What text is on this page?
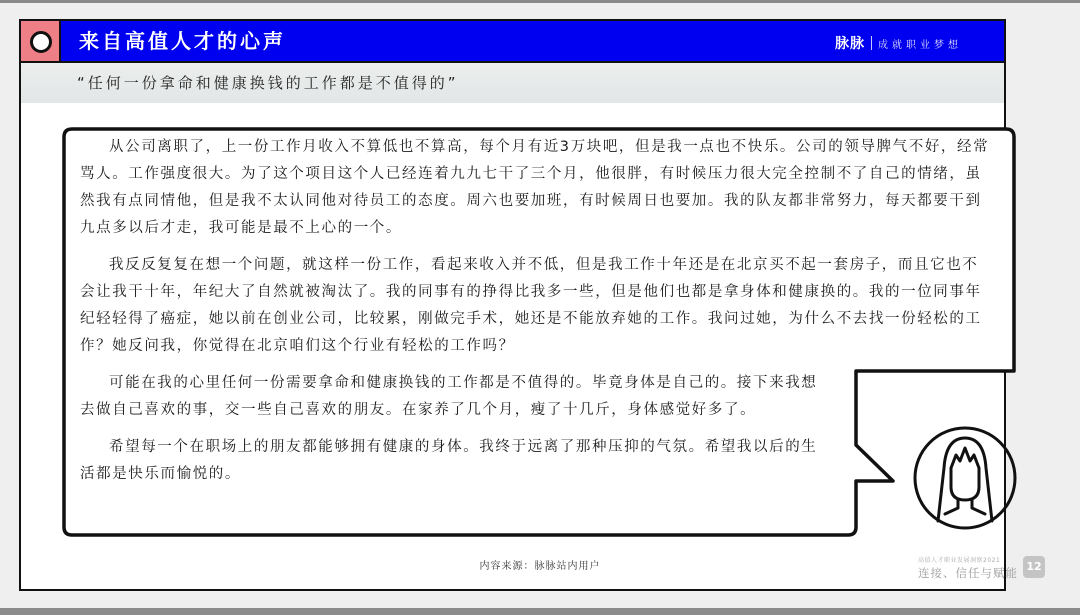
来自高值人才的心声	脉脉 成就职业梦想
“任何一份拿命和健康换钱的工作都是不值得的”

从公司离职了，上一份工作月收入不算低也不算高，每个月有近3万块吧，但是我一点也不快乐。公司的领导脾气不好，经常骂人。工作强度很大。为了这个项目这个人已经连着九九七干了三个月，他很胖，有时候压力很大完全控制不了自己的情绪，虽然我有点同情他，但是我不太认同他对待员工的态度。周六也要加班，有时候周日也要加。我的队友都非常努力，每天都要干到九点多以后才走，我可能是最不上心的一个。

我反反复复在想一个问题，就这样一份工作，看起来收入并不低，但是我工作十年还是在北京买不起一套房子，而且它也不会让我干十年，年纪大了自然就被淘汰了。我的同事有的挣得比我多一些，但是他们也都是拿身体和健康换的。我的一位同事年纪轻轻得了癌症，她以前在创业公司，比较累，刚做完手术，她还是不能放弃她的工作。我问过她，为什么不去找一份轻松的工作？她反问我，你觉得在北京咱们这个行业有轻松的工作吗？

可能在我的心里任何一份需要拿命和健康换钱的工作都是不值得的。毕竟身体是自己的。接下来我想去做自己喜欢的事，交一些自己喜欢的朋友。在家养了几个月，瘦了十几斤，身体感觉好多了。

希望每一个在职场上的朋友都能够拥有健康的身体。我终于远离了那种压抑的气氛。希望我以后的生活都是快乐而愉悦的。

内容来源：脉脉站内用户
高值人才职业发展洞察2021
连接、信任与赋能 12
